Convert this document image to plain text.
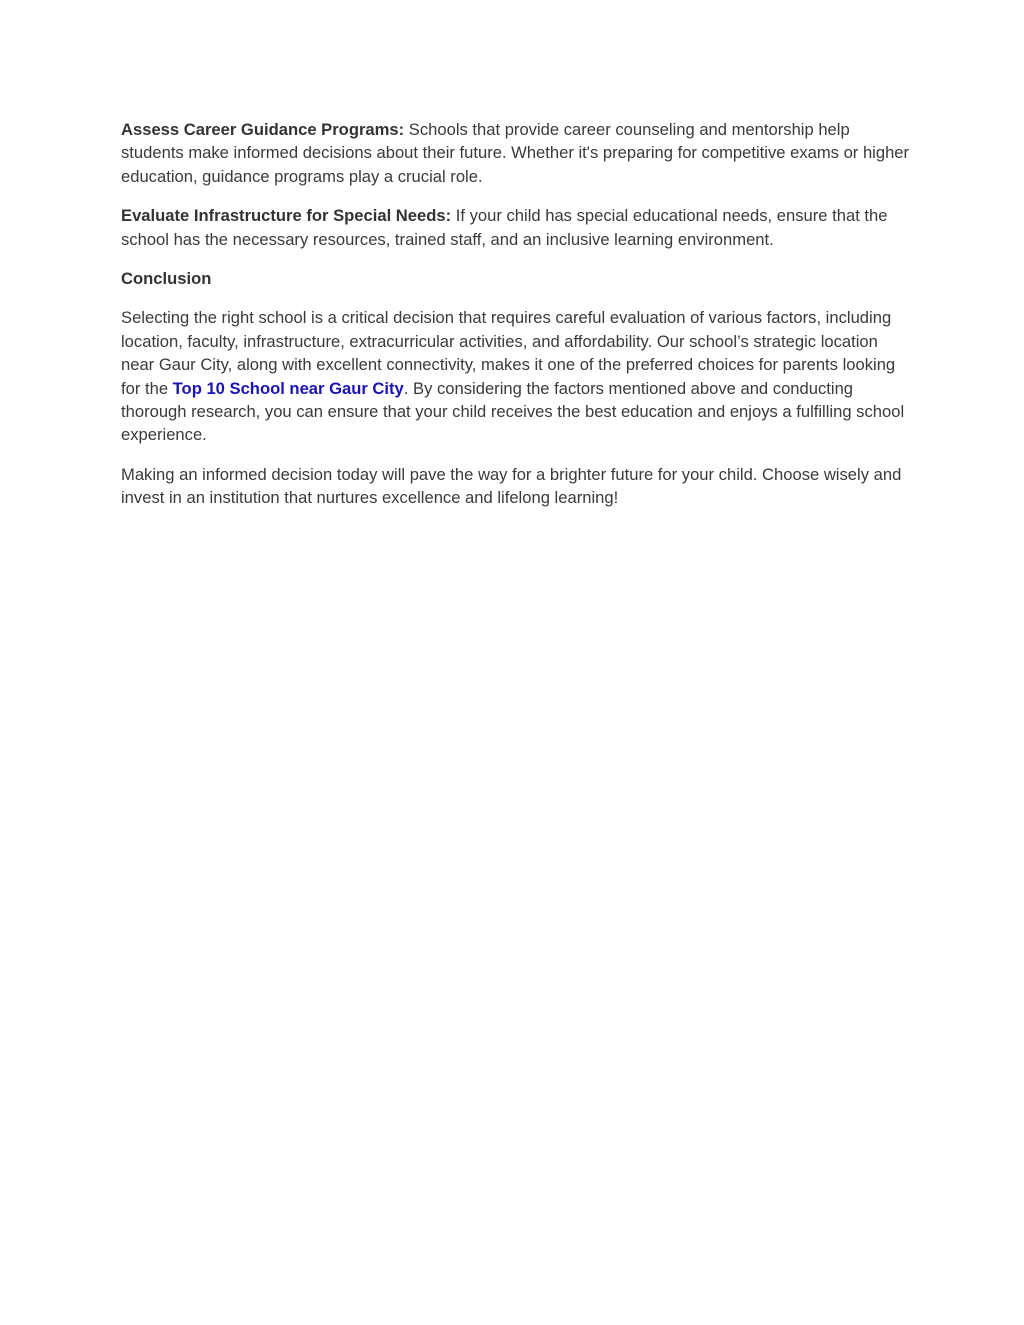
Assess Career Guidance Programs: Schools that provide career counseling and mentorship help students make informed decisions about their future. Whether it's preparing for competitive exams or higher education, guidance programs play a crucial role.

Evaluate Infrastructure for Special Needs: If your child has special educational needs, ensure that the school has the necessary resources, trained staff, and an inclusive learning environment.

Conclusion

Selecting the right school is a critical decision that requires careful evaluation of various factors, including location, faculty, infrastructure, extracurricular activities, and affordability. Our school’s strategic location near Gaur City, along with excellent connectivity, makes it one of the preferred choices for parents looking for the Top 10 School near Gaur City. By considering the factors mentioned above and conducting thorough research, you can ensure that your child receives the best education and enjoys a fulfilling school experience.

Making an informed decision today will pave the way for a brighter future for your child. Choose wisely and invest in an institution that nurtures excellence and lifelong learning!
